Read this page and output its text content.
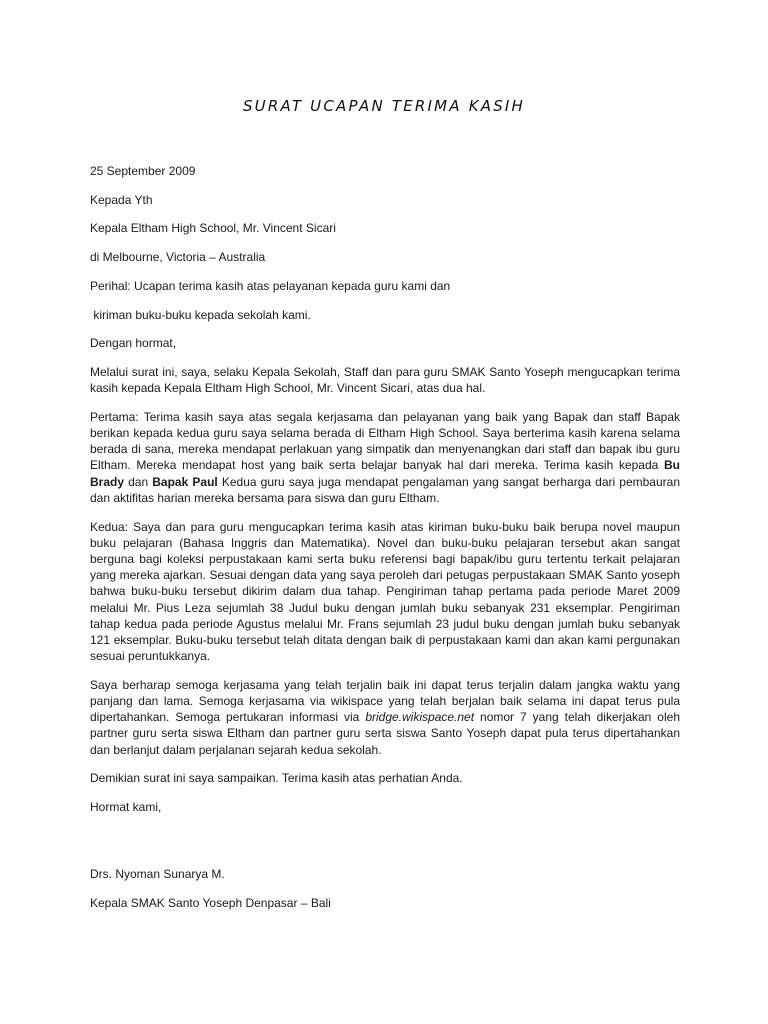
SURAT UCAPAN TERIMA KASIH

25 September 2009

Kepada Yth

Kepala Eltham High School, Mr. Vincent Sicari

di Melbourne, Victoria – Australia

Perihal: Ucapan terima kasih atas pelayanan kepada guru kami dan

kiriman buku-buku kepada sekolah kami.

Dengan hormat,

Melalui surat ini, saya, selaku Kepala Sekolah, Staff dan para guru SMAK Santo Yoseph mengucapkan terima kasih kepada Kepala Eltham High School, Mr. Vincent Sicari, atas dua hal.

Pertama: Terima kasih saya atas segala kerjasama dan pelayanan yang baik yang Bapak dan staff Bapak berikan kepada kedua guru saya selama berada di Eltham High School. Saya berterima kasih karena selama berada di sana, mereka mendapat perlakuan yang simpatik dan menyenangkan dari staff dan bapak ibu guru Eltham. Mereka mendapat host yang baik serta belajar banyak hal dari mereka. Terima kasih kepada Bu Brady dan Bapak Paul Kedua guru saya juga mendapat pengalaman yang sangat berharga dari pembauran dan aktifitas harian mereka bersama para siswa dan guru Eltham.

Kedua: Saya dan para guru mengucapkan terima kasih atas kiriman buku-buku baik berupa novel maupun buku pelajaran (Bahasa Inggris dan Matematika). Novel dan buku-buku pelajaran tersebut akan sangat berguna bagi koleksi perpustakaan kami serta buku referensi bagi bapak/ibu guru tertentu terkait pelajaran yang mereka ajarkan. Sesuai dengan data yang saya peroleh dari petugas perpustakaan SMAK Santo yoseph bahwa buku-buku tersebut dikirim dalam dua tahap. Pengiriman tahap pertama pada periode Maret 2009 melalui Mr. Pius Leza sejumlah 38 Judul buku dengan jumlah buku sebanyak 231 eksemplar. Pengiriman tahap kedua pada periode Agustus melalui Mr. Frans sejumlah 23 judul buku dengan jumlah buku sebanyak 121 eksemplar. Buku-buku tersebut telah ditata dengan baik di perpustakaan kami dan akan kami pergunakan sesuai peruntukkanya.

Saya berharap semoga kerjasama yang telah terjalin baik ini dapat terus terjalin dalam jangka waktu yang panjang dan lama. Semoga kerjasama via wikispace yang telah berjalan baik selama ini dapat terus pula dipertahankan. Semoga pertukaran informasi via bridge.wikispace.net nomor 7 yang telah dikerjakan oleh partner guru serta siswa Eltham dan partner guru serta siswa Santo Yoseph dapat pula terus dipertahankan dan berlanjut dalam perjalanan sejarah kedua sekolah.

Demikian surat ini saya sampaikan. Terima kasih atas perhatian Anda.

Hormat kami,

Drs. Nyoman Sunarya M.

Kepala SMAK Santo Yoseph Denpasar – Bali
